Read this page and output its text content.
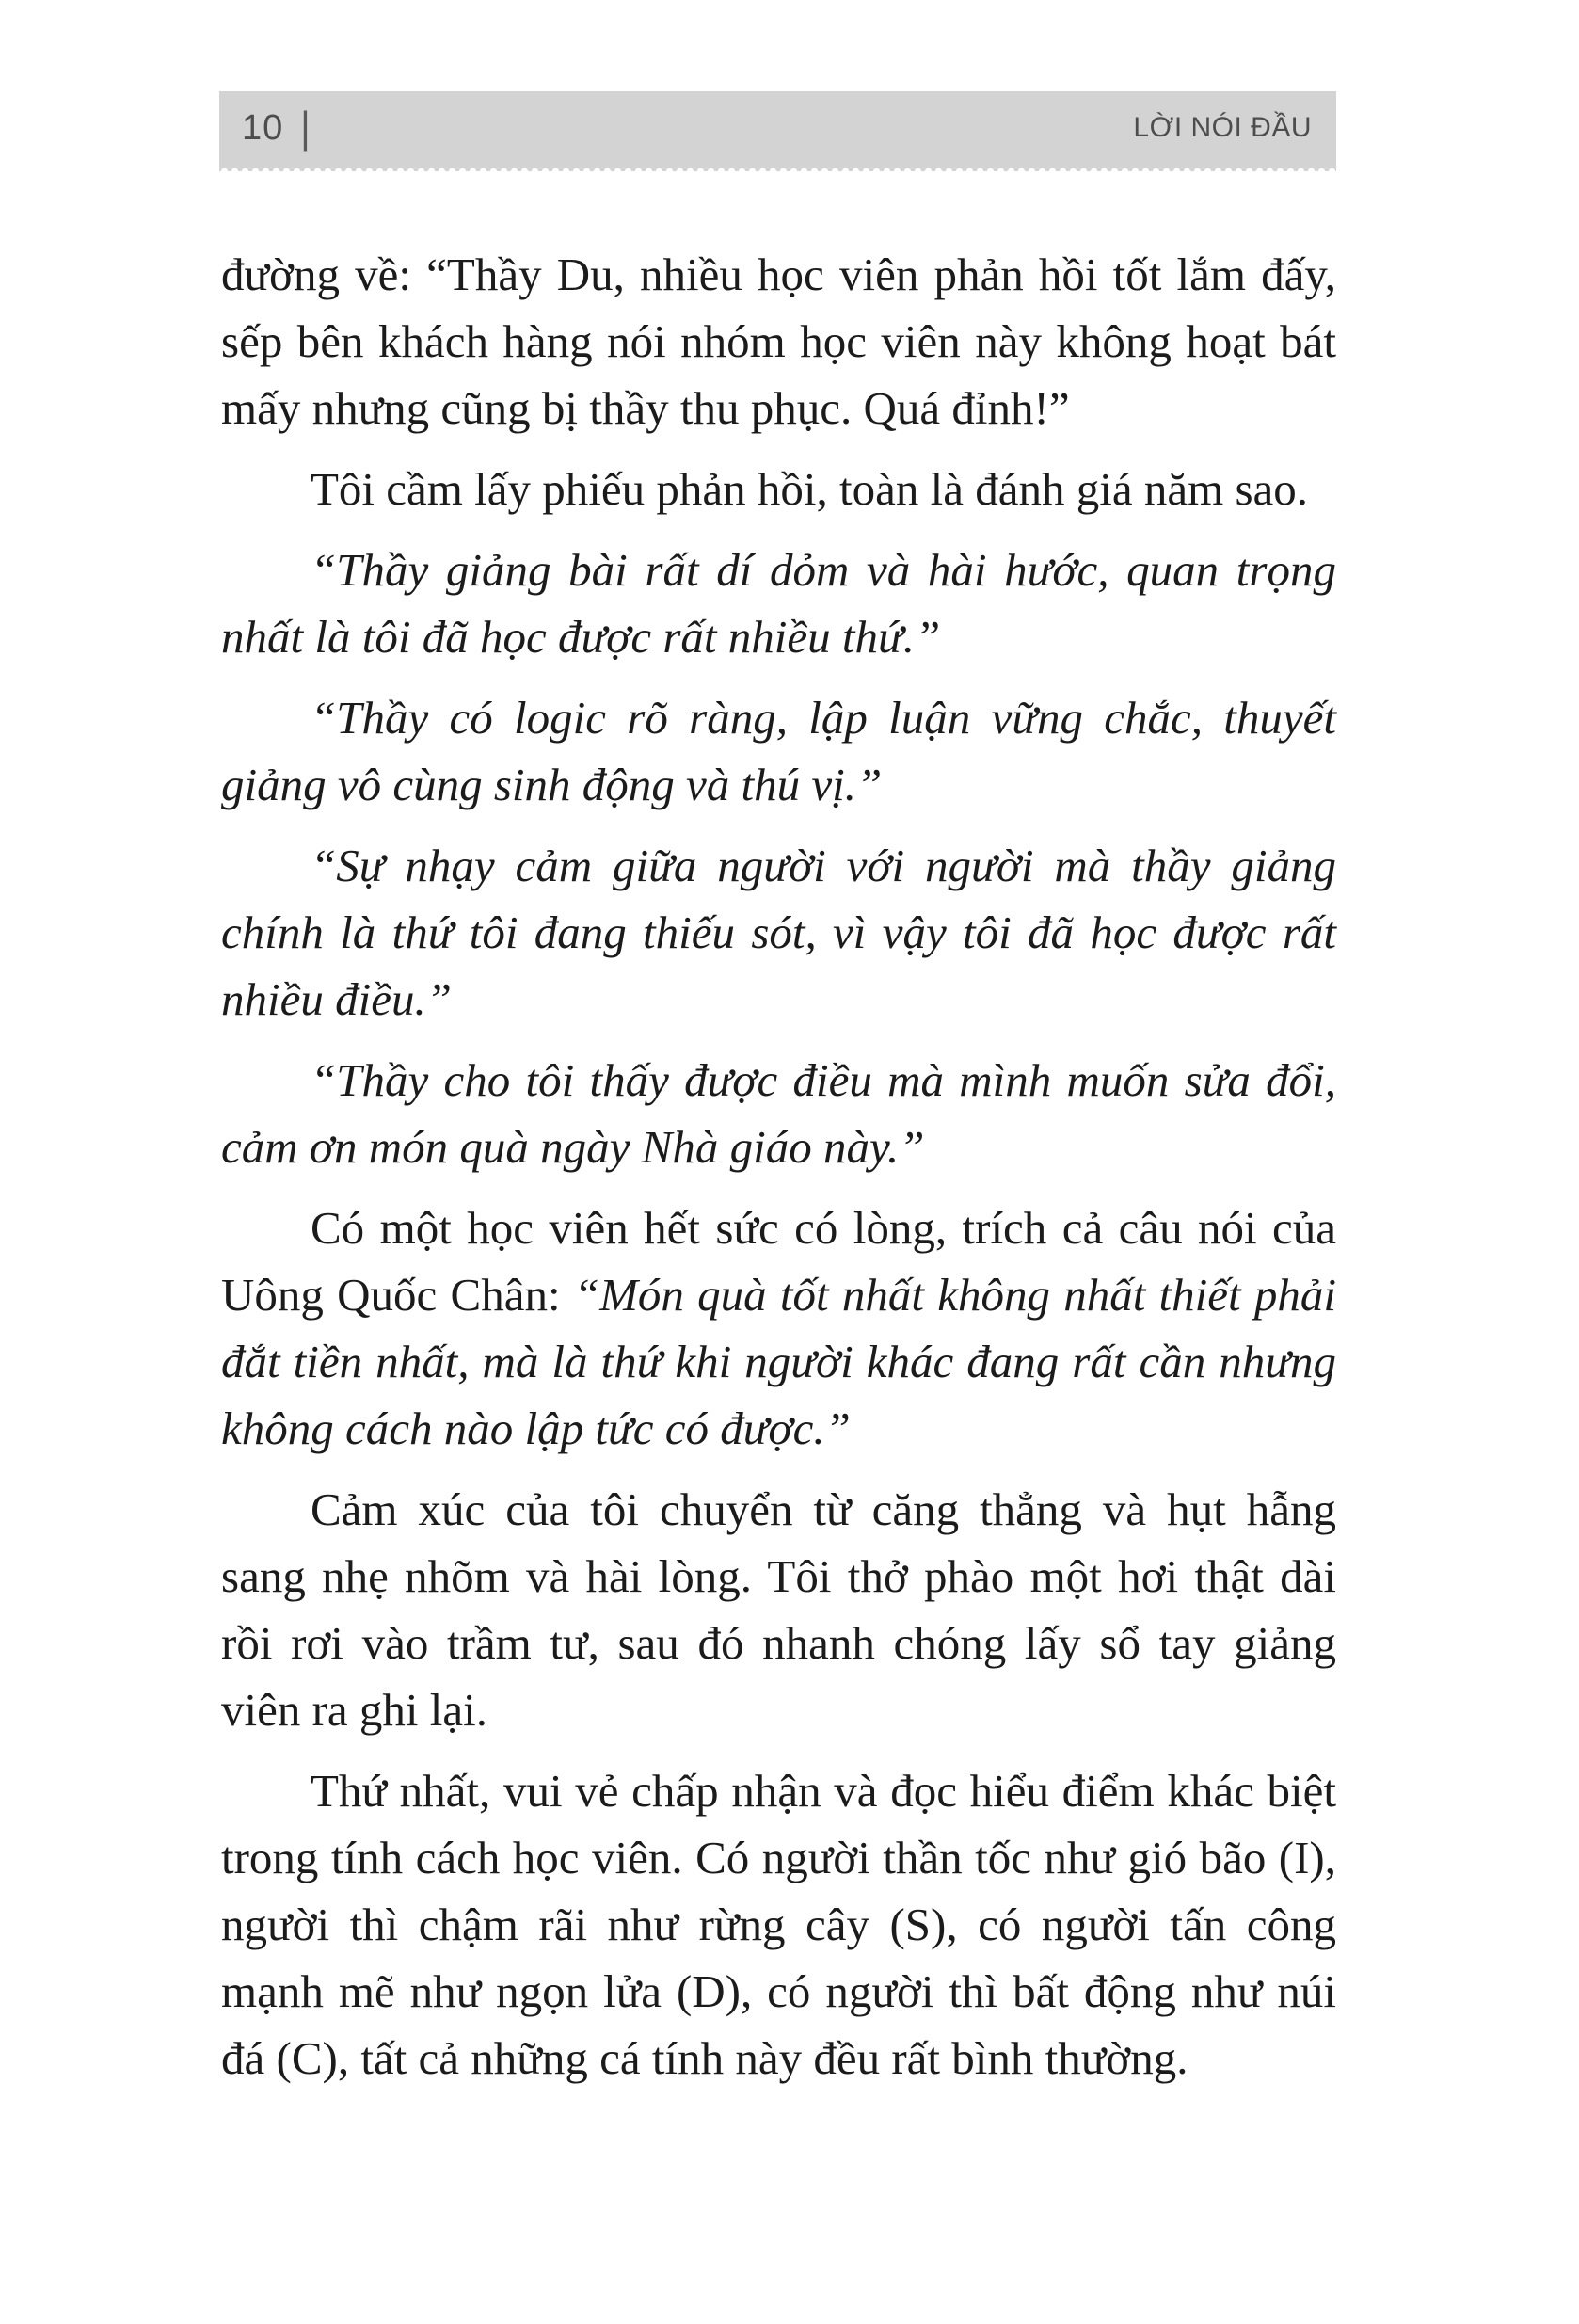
10 |	LỜI NÓI ĐẦU

đường về: “Thầy Du, nhiều học viên phản hồi tốt lắm đấy, sếp bên khách hàng nói nhóm học viên này không hoạt bát mấy nhưng cũng bị thầy thu phục. Quá đỉnh!”

Tôi cầm lấy phiếu phản hồi, toàn là đánh giá năm sao.

“Thầy giảng bài rất dí dỏm và hài hước, quan trọng nhất là tôi đã học được rất nhiều thứ.”

“Thầy có logic rõ ràng, lập luận vững chắc, thuyết giảng vô cùng sinh động và thú vị.”

“Sự nhạy cảm giữa người với người mà thầy giảng chính là thứ tôi đang thiếu sót, vì vậy tôi đã học được rất nhiều điều.”

“Thầy cho tôi thấy được điều mà mình muốn sửa đổi, cảm ơn món quà ngày Nhà giáo này.”

Có một học viên hết sức có lòng, trích cả câu nói của Uông Quốc Chân: “Món quà tốt nhất không nhất thiết phải đắt tiền nhất, mà là thứ khi người khác đang rất cần nhưng không cách nào lập tức có được.”

Cảm xúc của tôi chuyển từ căng thẳng và hụt hẫng sang nhẹ nhõm và hài lòng. Tôi thở phào một hơi thật dài rồi rơi vào trầm tư, sau đó nhanh chóng lấy sổ tay giảng viên ra ghi lại.

Thứ nhất, vui vẻ chấp nhận và đọc hiểu điểm khác biệt trong tính cách học viên. Có người thần tốc như gió bão (I), người thì chậm rãi như rừng cây (S), có người tấn công mạnh mẽ như ngọn lửa (D), có người thì bất động như núi đá (C), tất cả những cá tính này đều rất bình thường.
